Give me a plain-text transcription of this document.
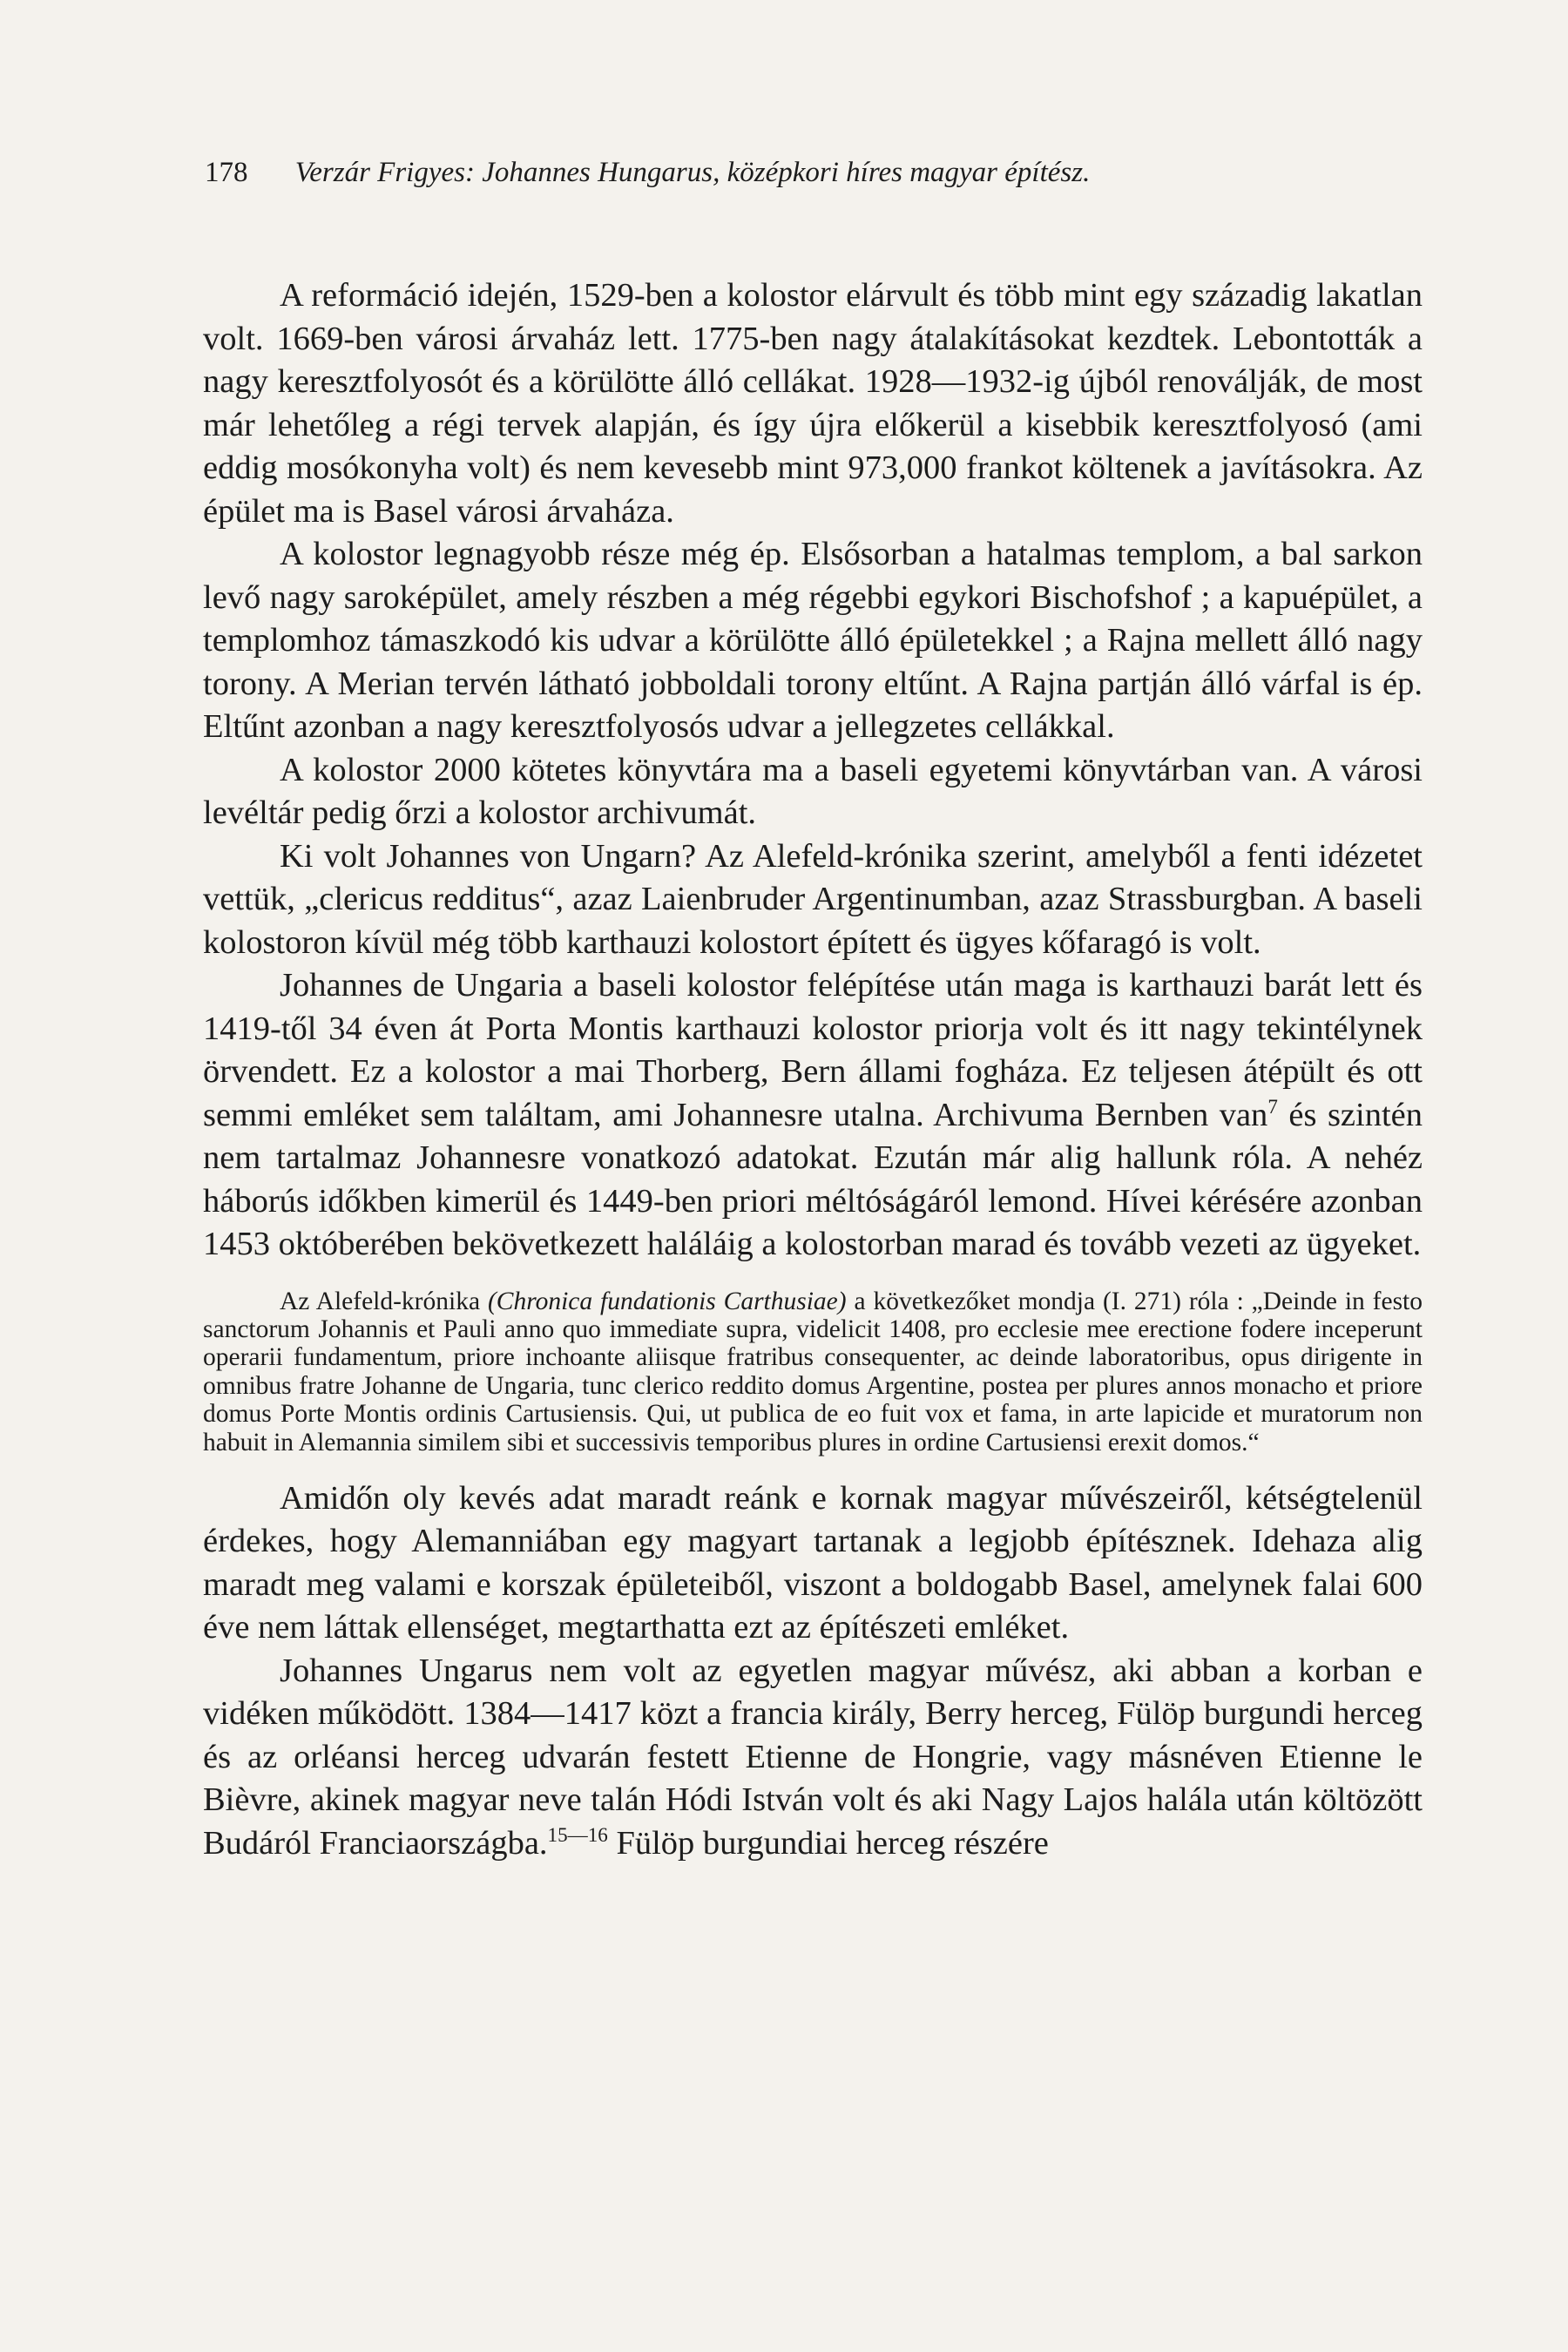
178 Verzár Frigyes: Johannes Hungarus, középkori híres magyar építész.

A reformáció idején, 1529-ben a kolostor elárvult és több mint egy századig lakatlan volt. 1669-ben városi árvaház lett. 1775-ben nagy átalakításokat kezdtek. Lebontották a nagy keresztfolyosót és a körülötte álló cellákat. 1928—1932-ig újból renoválják, de most már lehetőleg a régi tervek alapján, és így újra előkerül a kisebbik keresztfolyosó (ami eddig mosókonyha volt) és nem kevesebb mint 973,000 frankot költenek a javításokra. Az épület ma is Basel városi árvaháza.

A kolostor legnagyobb része még ép. Elsősorban a hatalmas templom, a bal sarkon levő nagy saroképület, amely részben a még régebbi egykori Bischofshof ; a kapuépület, a templomhoz támaszkodó kis udvar a körülötte álló épületekkel ; a Rajna mellett álló nagy torony. A Merian tervén látható jobboldali torony eltűnt. A Rajna partján álló várfal is ép. Eltűnt azonban a nagy keresztfolyosós udvar a jellegzetes cellákkal.

A kolostor 2000 kötetes könyvtára ma a baseli egyetemi könyvtárban van. A városi levéltár pedig őrzi a kolostor archivumát.

Ki volt Johannes von Ungarn? Az Alefeld-krónika szerint, amelyből a fenti idézetet vettük, „clericus redditus“, azaz Laienbruder Argentinumban, azaz Strassburgban. A baseli kolostoron kívül még több karthauzi kolostort épített és ügyes kőfaragó is volt.

Johannes de Ungaria a baseli kolostor felépítése után maga is karthauzi barát lett és 1419-től 34 éven át Porta Montis karthauzi kolostor priorja volt és itt nagy tekintélynek örvendett. Ez a kolostor a mai Thorberg, Bern állami fogháza. Ez teljesen átépült és ott semmi emléket sem találtam, ami Johannesre utalna. Archivuma Bernben van$^7$ és szintén nem tartalmaz Johannesre vonatkozó adatokat. Ezután már alig hallunk róla. A nehéz háborús időkben kimerül és 1449-ben priori méltóságáról lemond. Hívei kérésére azonban 1453 októberében bekövetkezett haláláig a kolostorban marad és tovább vezeti az ügyeket.

Az Alefeld-krónika (Chronica fundationis Carthusiae) a következőket mondja (I. 271) róla : „Deinde in festo sanctorum Johannis et Pauli anno quo immediate supra, videlicit 1408, pro ecclesie mee erectione fodere inceperunt operarii fundamentum, priore inchoante aliisque fratribus consequenter, ac deinde laboratoribus, opus dirigente in omnibus fratre Johanne de Ungaria, tunc clerico reddito domus Argentine, postea per plures annos monacho et priore domus Porte Montis ordinis Cartusiensis. Qui, ut publica de eo fuit vox et fama, in arte lapicide et muratorum non habuit in Alemannia similem sibi et successivis temporibus plures in ordine Cartusiensi erexit domos.“

Amidőn oly kevés adat maradt reánk e kornak magyar művészeiről, kétségtelenül érdekes, hogy Alemanniában egy magyart tartanak a legjobb építésznek. Idehaza alig maradt meg valami e korszak épületeiből, viszont a boldogabb Basel, amelynek falai 600 éve nem láttak ellenséget, megtarthatta ezt az építészeti emléket.

Johannes Ungarus nem volt az egyetlen magyar művész, aki abban a korban e vidéken működött. 1384—1417 közt a francia király, Berry herceg, Fülöp burgundi herceg és az orléansi herceg udvarán festett Etienne de Hongrie, vagy másnéven Etienne le Bièvre, akinek magyar neve talán Hódi István volt és aki Nagy Lajos halála után költözött Budáról Franciaországba.$^{15—16}$ Fülöp burgundiai herceg részére
